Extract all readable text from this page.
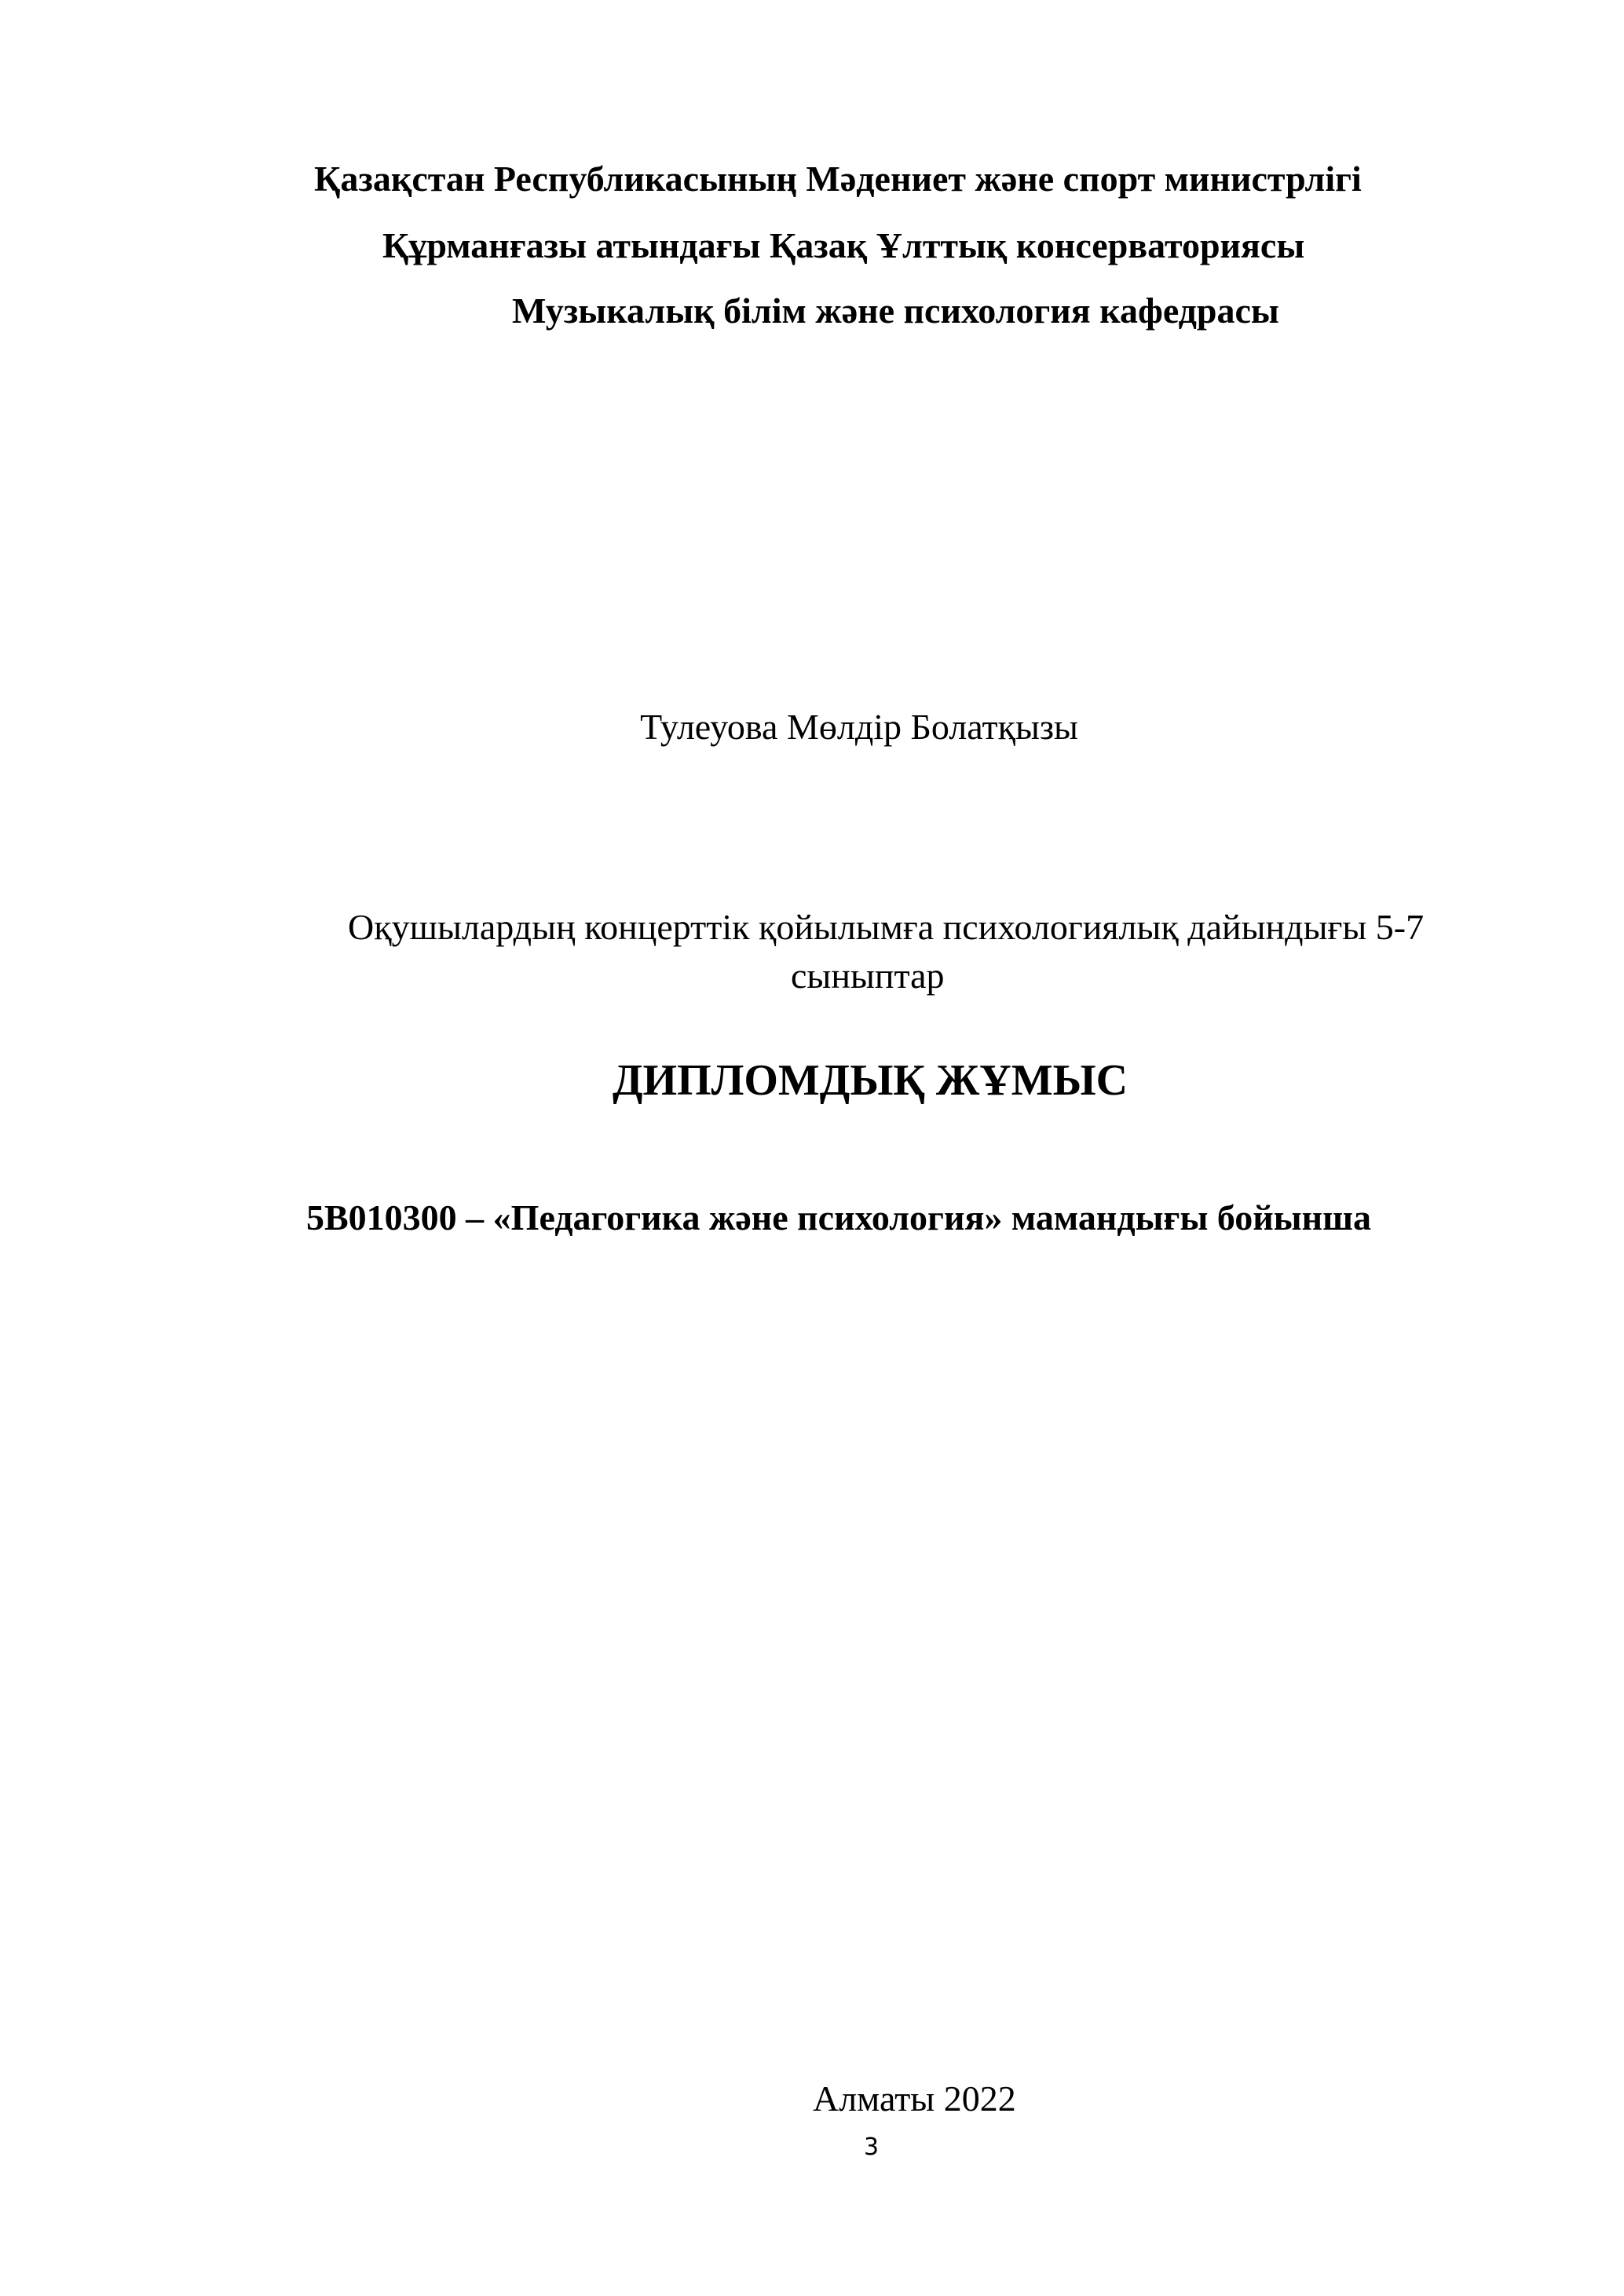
Қазақстан Республикасының Мәдениет және спорт министрлігі
Құрманғазы атындағы Қазақ Ұлттық консерваториясы
Музыкалық білім және психология кафедрасы
Тулеуова Мөлдір Болатқызы
Оқушылардың концерттік қойылымға психологиялық дайындығы 5-7
сыныптар
ДИПЛОМДЫҚ ЖҰМЫС
5В010300 – «Педагогика және психология» мамандығы бойынша
Алматы 2022
3
